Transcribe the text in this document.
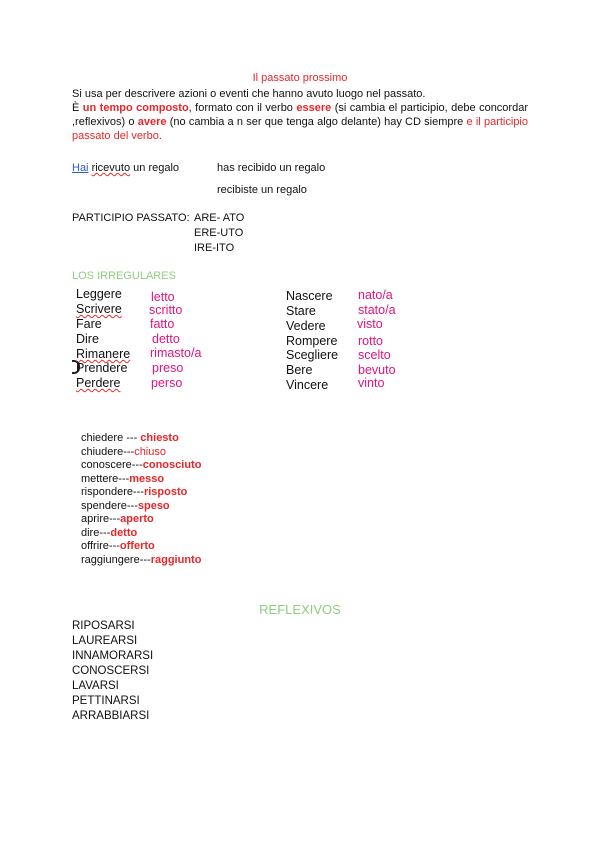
Il passato prossimo

Si usa per descrivere azioni o eventi che hanno avuto luogo nel passato.

È un tempo composto, formato con il verbo essere (si cambia el participio, debe concordar ,reflexivos) o avere (no cambia a n ser que tenga algo delante) hay CD siempre e il participio passato del verbo.

Hai ricevuto un regalo	has recibido un regalo
recibiste un regalo
PARTICIPIO PASSATO: ARE- ATO
ERE-UTO
IRE-ITO
LOS IRREGULARES
Leggere letto
Scrivere scritto
Fare	fatto
Dire	detto
Rimanere rimasto/a
Prendere preso
Perdere perso
Nascere nato/a
Stare	stato/a
Vedere	visto
Rompere rotto
Scegliere scelto
Bere	bevuto
Vincere vinto
chiedere --- chiesto
chiudere---chiuso
conoscere---conosciuto
mettere---messo
rispondere---risposto
spendere---speso
aprire---aperto
dire---detto
offrire---offerto
raggiungere---raggiunto
REFLEXIVOS
RIPOSARSI
LAUREARSI
INNAMORARSI
CONOSCERSI
LAVARSI
PETTINARSI
ARRABBIARSI
